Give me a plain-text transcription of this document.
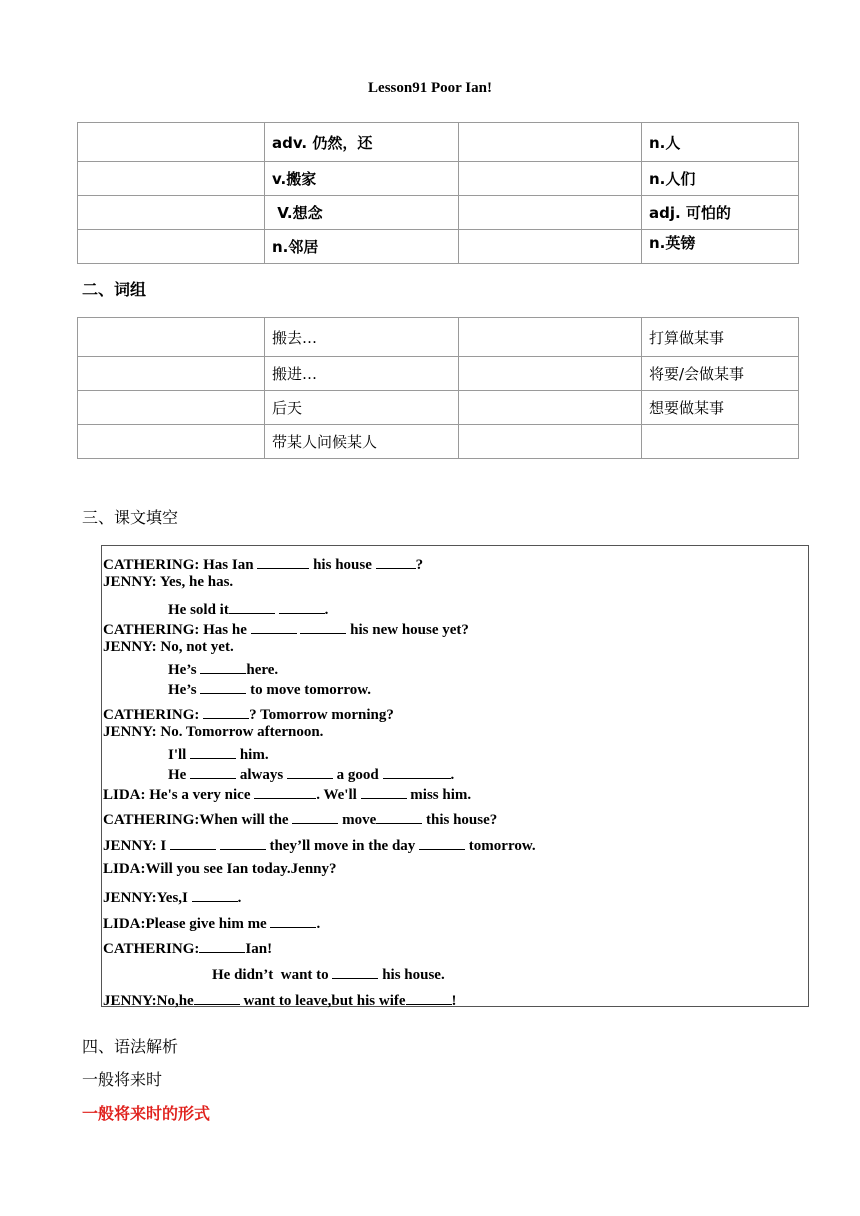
Lesson91 Poor Ian!
	adv. 仍然，还		n.人
	v.搬家		n.人们
	V.想念		adj. 可怕的
	n.邻居		n.英镑
二、词组
	搬去…		打算做某事
	搬进…		将要/会做某事
	后天		想要做某事
	带某人问候某人		
三、课文填空
CATHERING: Has Ian	his house	?
JENNY: Yes, he has.
He sold it	.
CATHERING: Has he	his new house yet?
JENNY: No, not yet.
He’s	here.
He’s	to move tomorrow.
CATHERING:	? Tomorrow morning?
JENNY: No. Tomorrow afternoon.
I'll	him.
He	always	a good	.
LIDA: He's a very nice	. We'll	miss him.
CATHERING:When will the	move	this house?
JENNY: I	they’ll move in the day	tomorrow.
LIDA:Will you see Ian today.Jenny?
JENNY:Yes,I	.
LIDA:Please give him me	.
CATHERING:	Ian!
He didn’t  want to	his house.
JENNY:No,he	want to leave,but his wife	!
四、语法解析
一般将来时
一般将来时的形式
